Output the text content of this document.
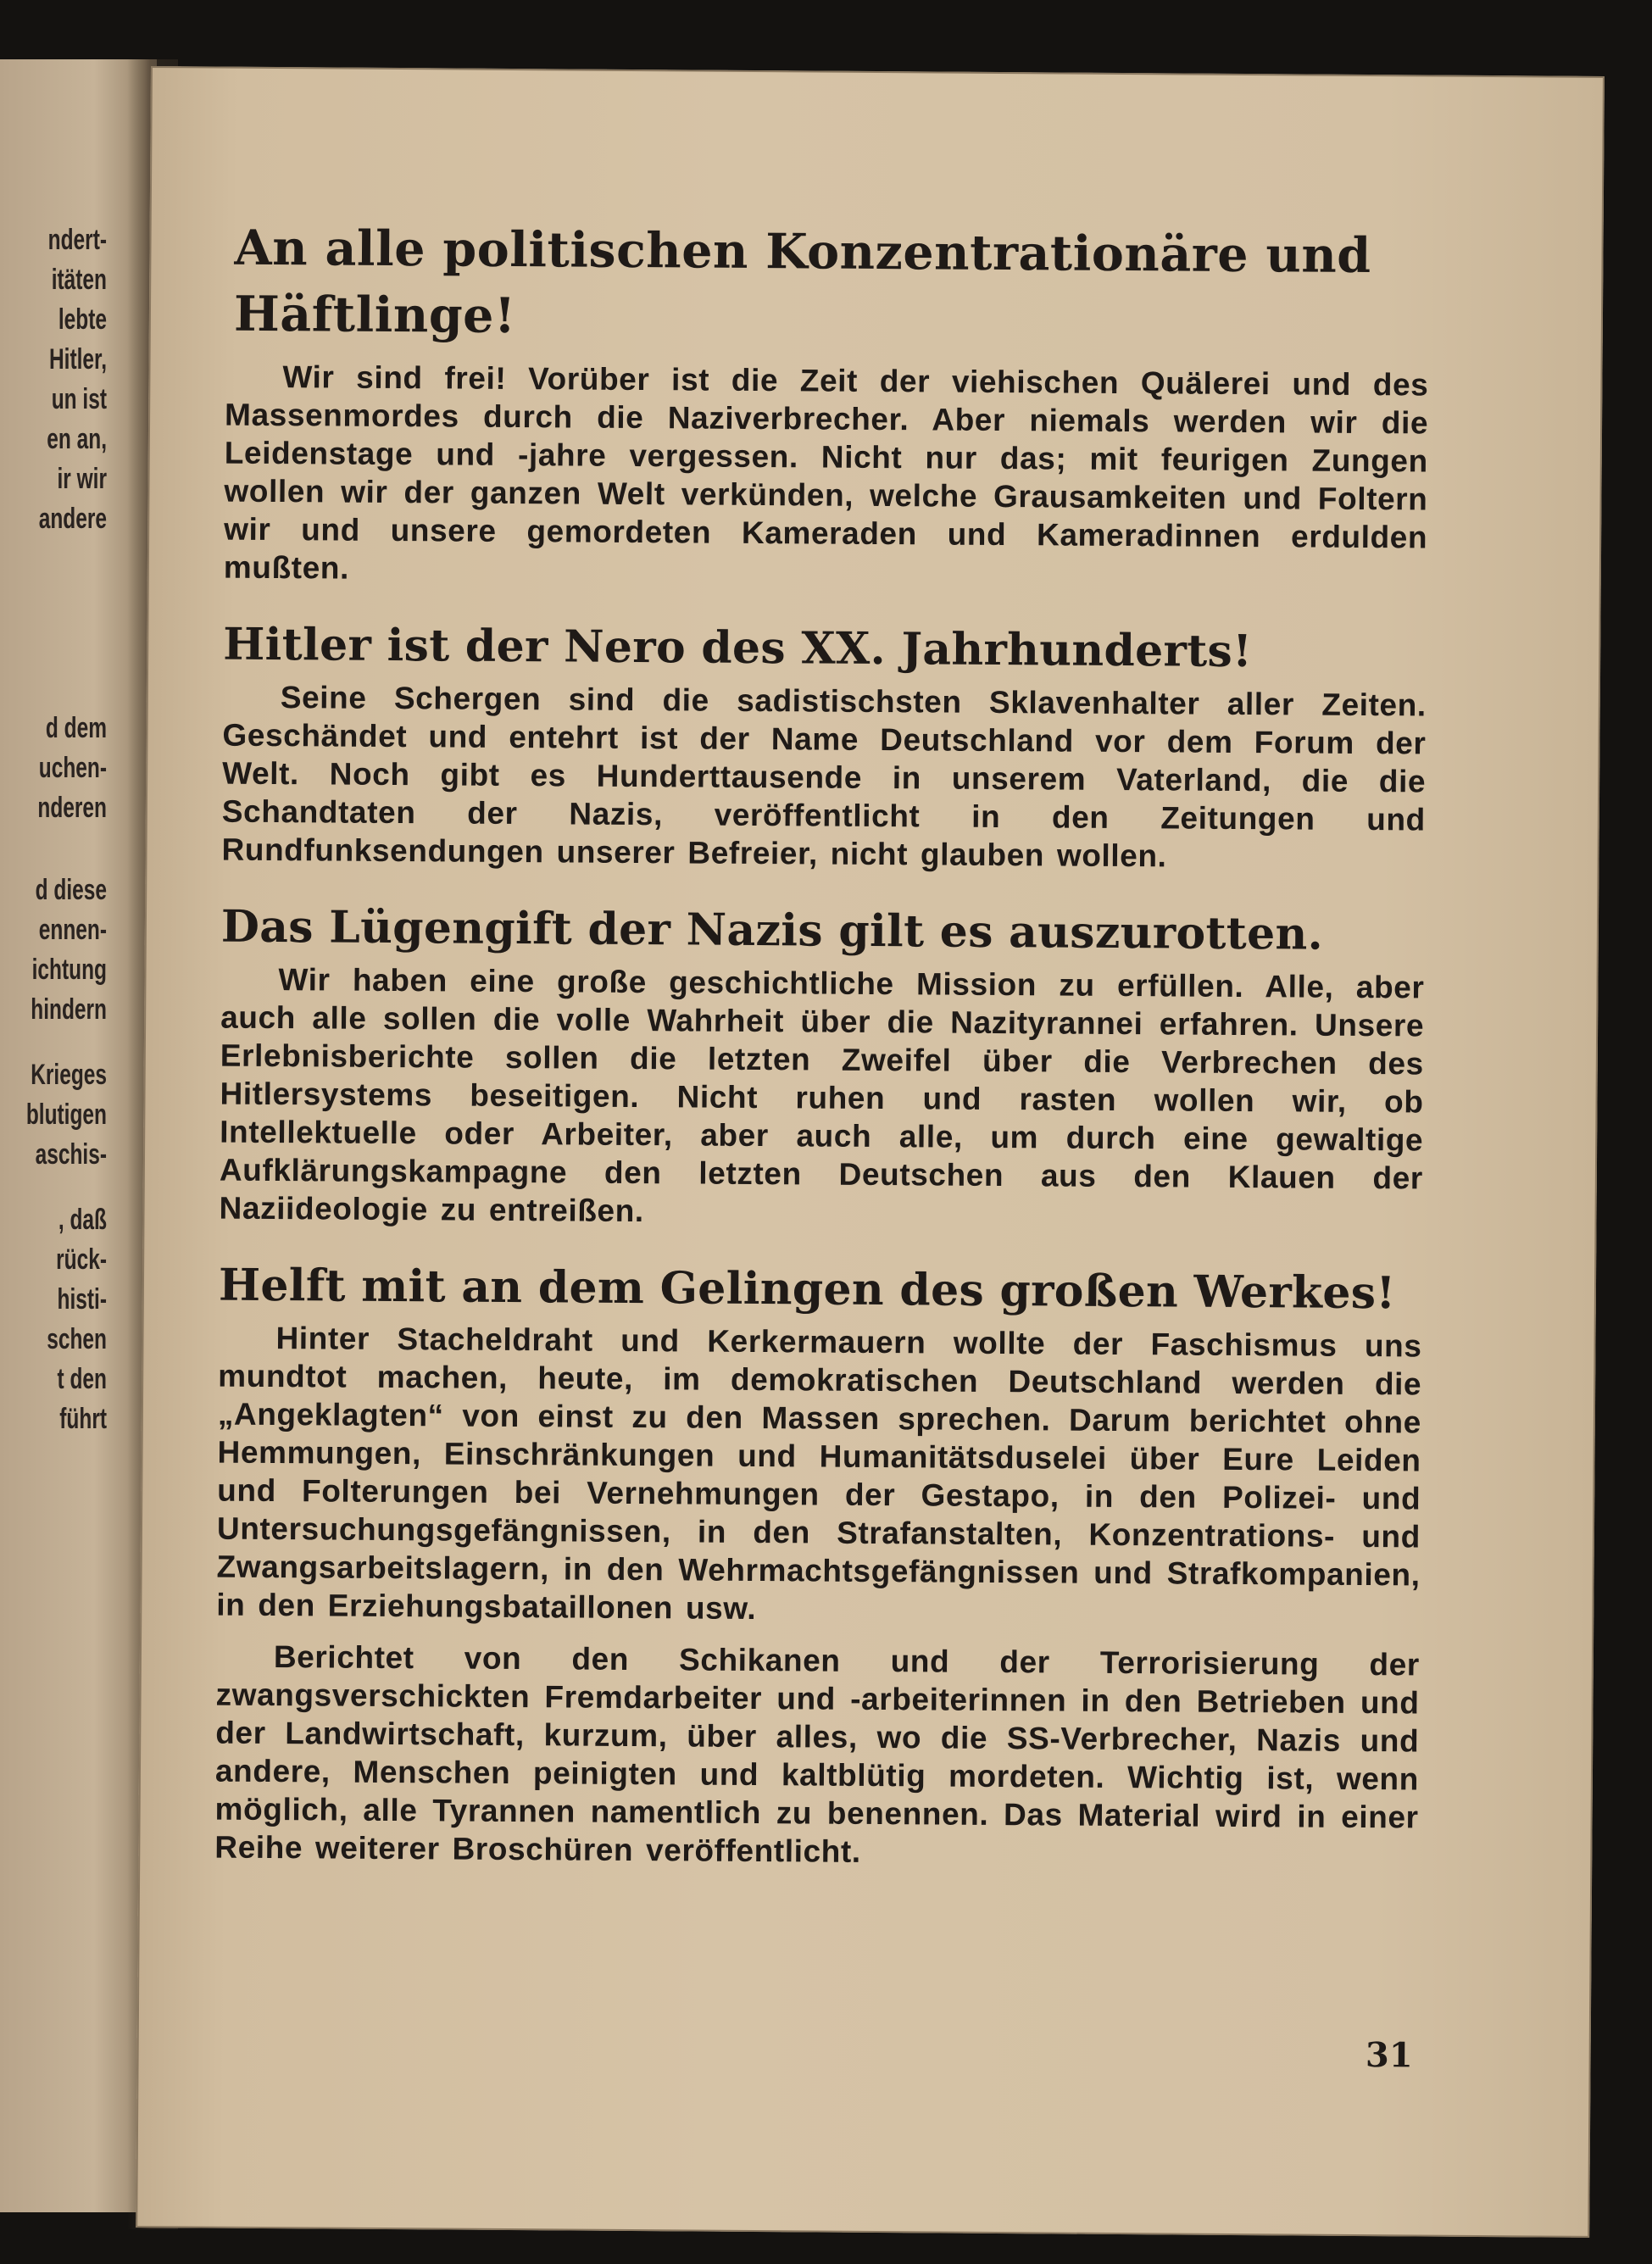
ndert-
itäten
lebte
Hitler,
un ist
en an,
ir wir
andere
d dem
uchen-
nderen
d diese
ennen-
ichtung
hindern
Krieges
blutigen
aschis-
, daß
rück-
histi-
schen
t den
führt
An alle politischen Konzentrationäre und Häftlinge!

Wir sind frei! Vorüber ist die Zeit der viehischen Quälerei und des Massenmordes durch die Naziverbrecher. Aber niemals werden wir die Leidenstage und -jahre vergessen. Nicht nur das; mit feurigen Zungen wollen wir der ganzen Welt verkünden, welche Grausamkeiten und Foltern wir und unsere gemordeten Kameraden und Kameradinnen erdulden mußten.

Hitler ist der Nero des XX. Jahrhunderts!

Seine Schergen sind die sadistischsten Sklavenhalter aller Zeiten. Geschändet und entehrt ist der Name Deutschland vor dem Forum der Welt. Noch gibt es Hunderttausende in unserem Vaterland, die die Schandtaten der Nazis, veröffentlicht in den Zeitungen und Rundfunksendungen unserer Befreier, nicht glauben wollen.

Das Lügengift der Nazis gilt es auszurotten.

Wir haben eine große geschichtliche Mission zu erfüllen. Alle, aber auch alle sollen die volle Wahrheit über die Nazityrannei erfahren. Unsere Erlebnisberichte sollen die letzten Zweifel über die Verbrechen des Hitlersystems beseitigen. Nicht ruhen und rasten wollen wir, ob Intellektuelle oder Arbeiter, aber auch alle, um durch eine gewaltige Aufklärungskampagne den letzten Deutschen aus den Klauen der Naziideologie zu entreißen.

Helft mit an dem Gelingen des großen Werkes!

Hinter Stacheldraht und Kerkermauern wollte der Faschismus uns mundtot machen, heute, im demokratischen Deutschland werden die „Angeklagten“ von einst zu den Massen sprechen. Darum berichtet ohne Hemmungen, Einschränkungen und Humanitätsduselei über Eure Leiden und Folterungen bei Vernehmungen der Gestapo, in den Polizei- und Untersuchungsgefängnissen, in den Strafanstalten, Konzentrations- und Zwangsarbeitslagern, in den Wehrmachtsgefängnissen und Strafkompanien, in den Erziehungsbataillonen usw.

Berichtet von den Schikanen und der Terrorisierung der zwangsverschickten Fremdarbeiter und -arbeiterinnen in den Betrieben und der Landwirtschaft, kurzum, über alles, wo die SS-Verbrecher, Nazis und andere, Menschen peinigten und kaltblütig mordeten. Wichtig ist, wenn möglich, alle Tyrannen namentlich zu benennen. Das Material wird in einer Reihe weiterer Broschüren veröffentlicht.

31
